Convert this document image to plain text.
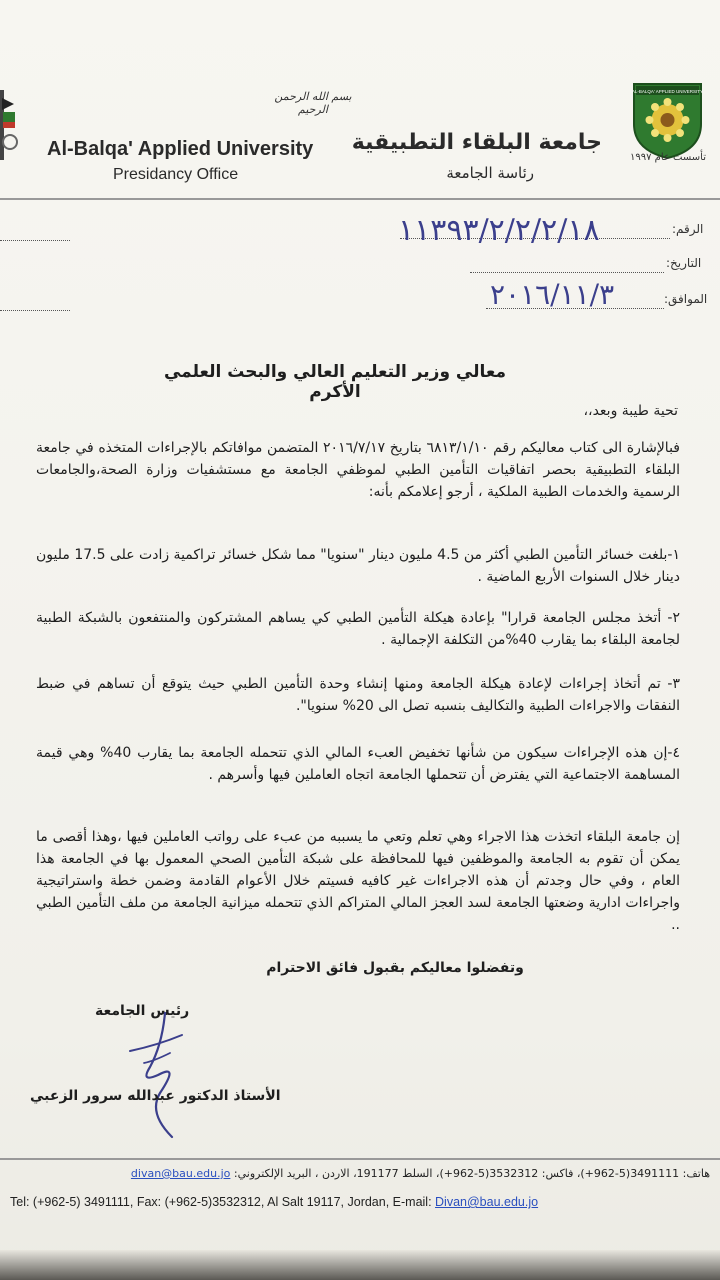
بسم الله الرحمن الرحيم
Al-Balqa' Applied University
Presidancy Office
جامعة البلقاء التطبيقية
رئاسة الجامعة
AL-BALQA' APPLIED UNIVERSITY
تأسست عام ١٩٩٧
الرقم:
١١٣٩٣/٢/٢/٢/١٨
التاريخ:
الموافق:
٢٠١٦/١١/٣
معالي وزير التعليم العالي والبحث العلمي الأكرم
تحية طيبة وبعد،،
فبالإشارة الى كتاب معاليكم رقم ٦٨١٣/١/١٠ بتاريخ ٢٠١٦/٧/١٧ المتضمن موافاتكم بالإجراءات المتخذه في جامعة البلقاء التطبيقية بحصر اتفاقيات التأمين الطبي لموظفي الجامعة مع مستشفيات وزارة الصحة،والجامعات الرسمية والخدمات الطبية الملكية ، أرجو إعلامكم بأنه:
١-بلغت خسائر التأمين الطبي أكثر من 4.5 مليون دينار "سنويا" مما شكل خسائر تراكمية زادت على 17.5 مليون دينار خلال السنوات الأربع الماضية .
٢- أتخذ مجلس الجامعة قرارا" بإعادة هيكلة التأمين الطبي كي يساهم المشتركون والمنتفعون بالشبكة الطبية لجامعة البلقاء بما يقارب 40%من التكلفة الإجمالية .
٣- تم أتخاذ إجراءات لإعادة هيكلة الجامعة ومنها إنشاء وحدة التأمين الطبي حيث يتوقع أن تساهم في ضبط النفقات والاجراءات الطبية والتكاليف بنسبه تصل الى 20% سنويا".
٤-إن هذه الإجراءات سيكون من شأنها تخفيض العبء المالي الذي تتحمله الجامعة بما يقارب 40% وهي قيمة المساهمة الاجتماعية التي يفترض أن تتحملها الجامعة اتجاه العاملين فيها وأسرهم .
إن جامعة البلقاء اتخذت هذا الاجراء وهي تعلم وتعي ما يسببه من عبء على رواتب العاملين فيها ،وهذا أقصى ما يمكن أن تقوم به الجامعة والموظفين فيها للمحافظة على شبكة التأمين الصحي المعمول بها في الجامعة هذا العام ، وفي حال وجدتم أن هذه الاجراءات غير كافيه فسيتم خلال الأعوام القادمة وضمن خطة واستراتيجية واجراءات ادارية وضعتها الجامعة لسد العجز المالي المتراكم الذي تتحمله ميزانية الجامعة من ملف التأمين الطبي ..
وتفضلوا معاليكم بقبول فائق الاحترام
رئيس الجامعة
الأستاذ الدكتور عبدالله سرور الزعبي
هاتف: 3491111(5-962+)، فاكس: 3532312(5-962+)، السلط 191177، الاردن ، البريد الإلكتروني: divan@bau.edu.jo
Tel: (+962-5) 3491111, Fax: (+962-5)3532312, Al Salt 19117, Jordan, E-mail: Divan@bau.edu.jo
